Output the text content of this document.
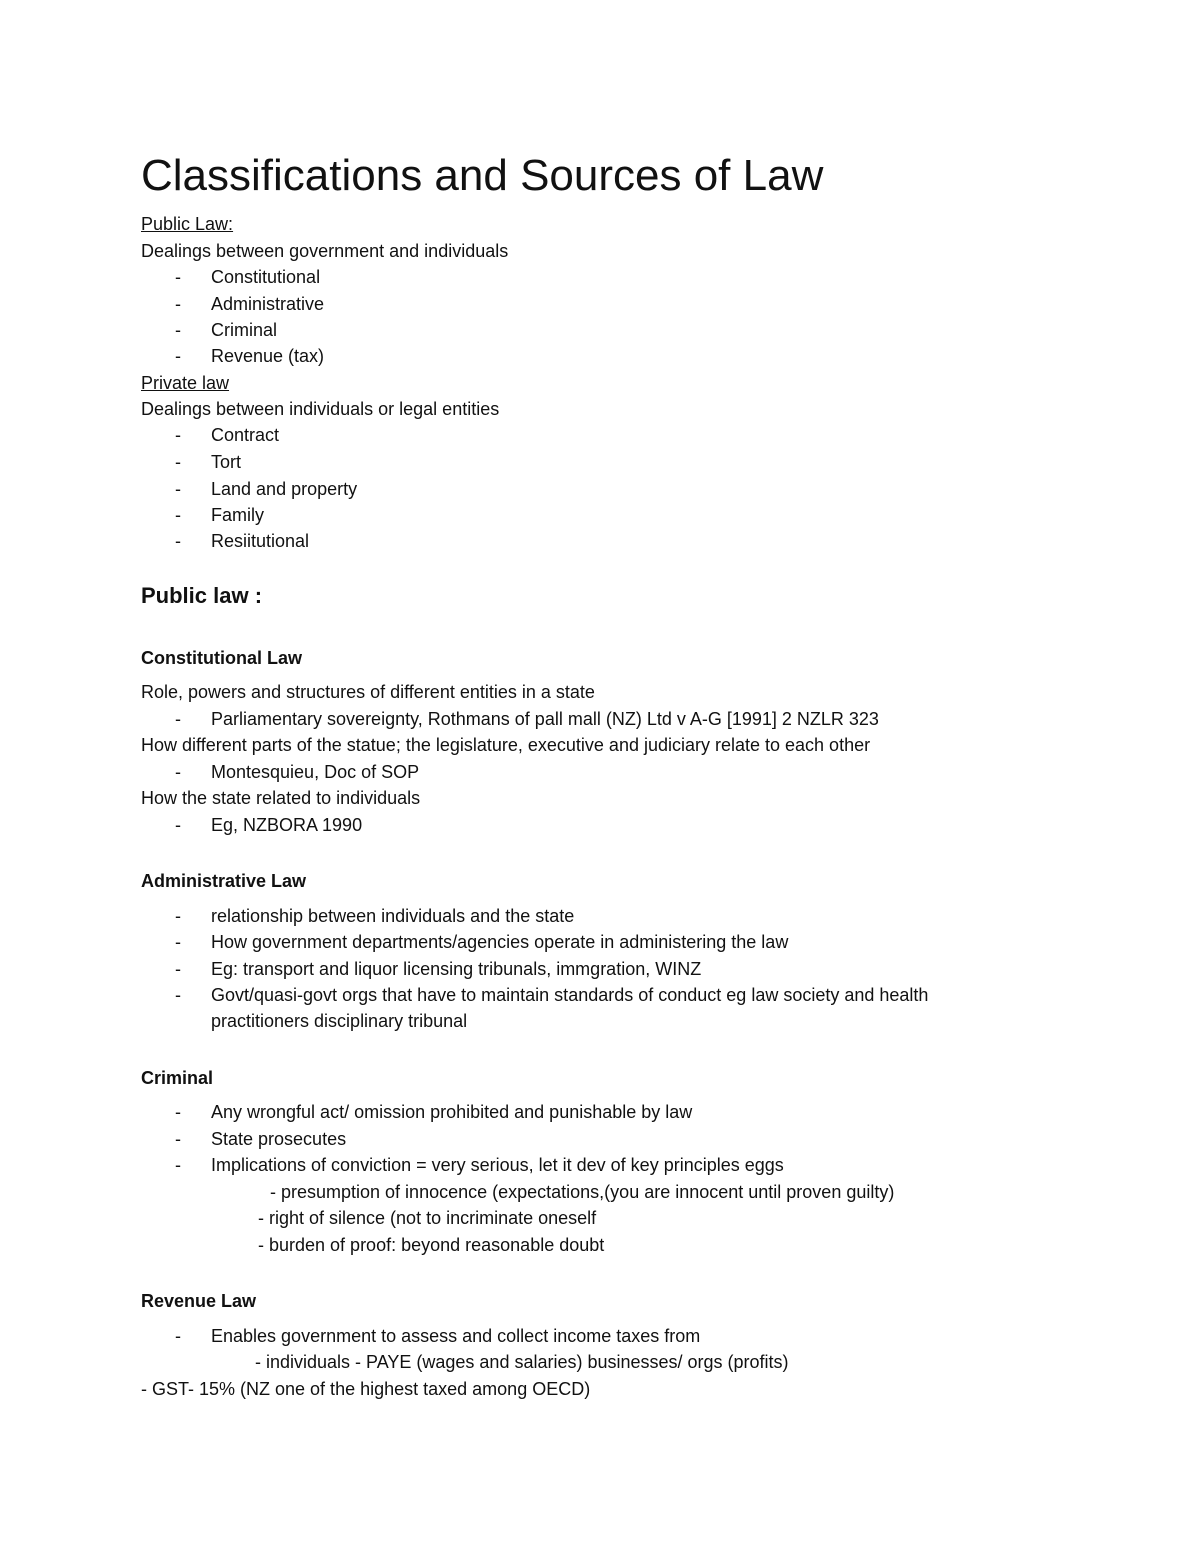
Classifications and Sources of Law

Public Law:

Dealings between government and individuals

- Constitutional

- Administrative

- Criminal

- Revenue (tax)

Private law

Dealings between individuals or legal entities

- Contract

- Tort

- Land and property

- Family

- Resiitutional

Public law :

Constitutional Law

Role, powers and structures of different entities in a state

- Parliamentary sovereignty, Rothmans of pall mall (NZ) Ltd v A-G [1991] 2 NZLR 323

How different parts of the statue; the legislature, executive and judiciary relate to each other

- Montesquieu, Doc of SOP

How the state related to individuals

- Eg, NZBORA 1990

Administrative Law

- relationship between individuals and the state

- How government departments/agencies operate in administering the law

- Eg: transport and liquor licensing tribunals, immgration, WINZ

- Govt/quasi-govt orgs that have to maintain standards of conduct eg law society and health

practitioners disciplinary tribunal

Criminal

- Any wrongful act/ omission prohibited and punishable by law

- State prosecutes

- Implications of conviction = very serious, let it dev of key principles eggs

- presumption of innocence (expectations,(you are innocent until proven guilty)

- right of silence (not to incriminate oneself

- burden of proof: beyond reasonable doubt

Revenue Law

- Enables government to assess and collect income taxes from

- individuals - PAYE (wages and salaries) businesses/ orgs (profits)

- GST- 15% (NZ one of the highest taxed among OECD)
